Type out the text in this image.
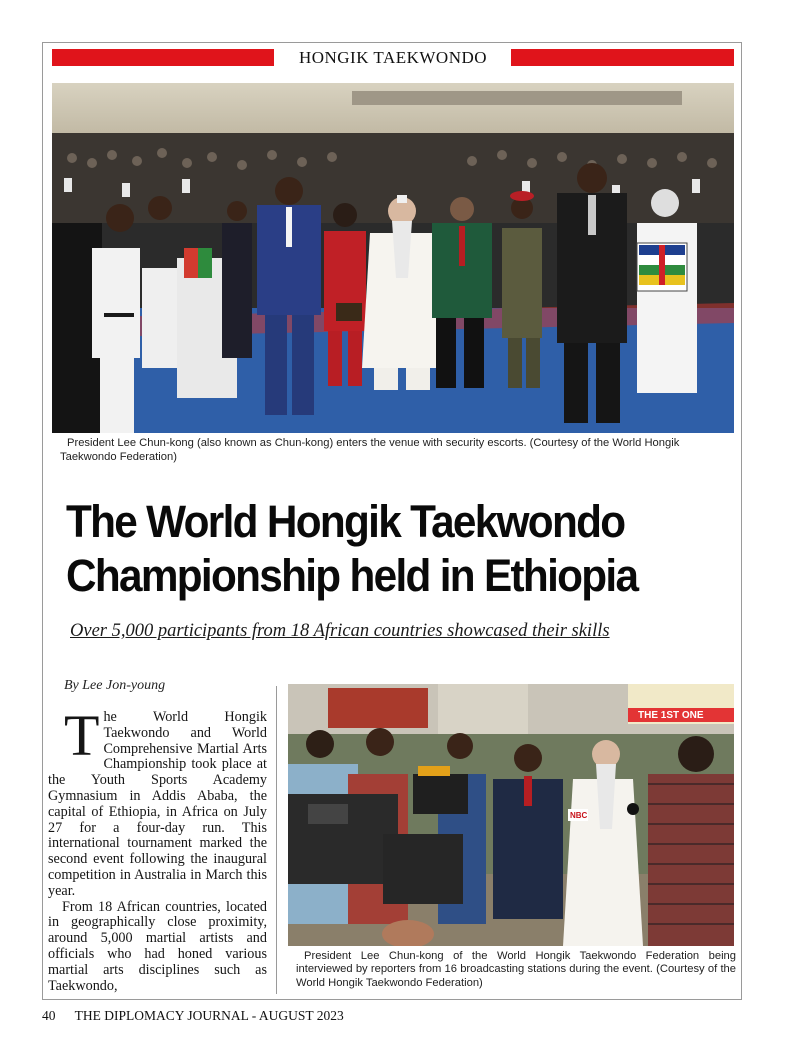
HONGIK TAEKWONDO
President Lee Chun-kong (also known as Chun-kong) enters the venue with security escorts. (Courtesy of the World Hongik Taekwondo Federation)
The World Hongik Taekwondo
Championship held in Ethiopia
Over 5,000 participants from 18 African countries showcased their skills
By Lee Jon-young
T he World Hongik Taekwondo and World Comprehensive Martial Arts Championship took place at the Youth Sports Academy Gymnasium in Addis Ababa, the capital of Ethiopia, in Africa on July 27 for a four-day run. This international tournament marked the second event following the inaugural competition in Australia in March this year.
From 18 African countries, located in geographically close proximity, around 5,000 martial artists and officials who had honed various martial arts disciplines such as Taekwondo,
THE 1ST ONE
NBC
President Lee Chun-kong of the World Hongik Taekwondo Federation being interviewed by reporters from 16 broadcasting stations during the event. (Courtesy of the World Hongik Taekwondo Federation)
40 THE DIPLOMACY JOURNAL - AUGUST 2023
